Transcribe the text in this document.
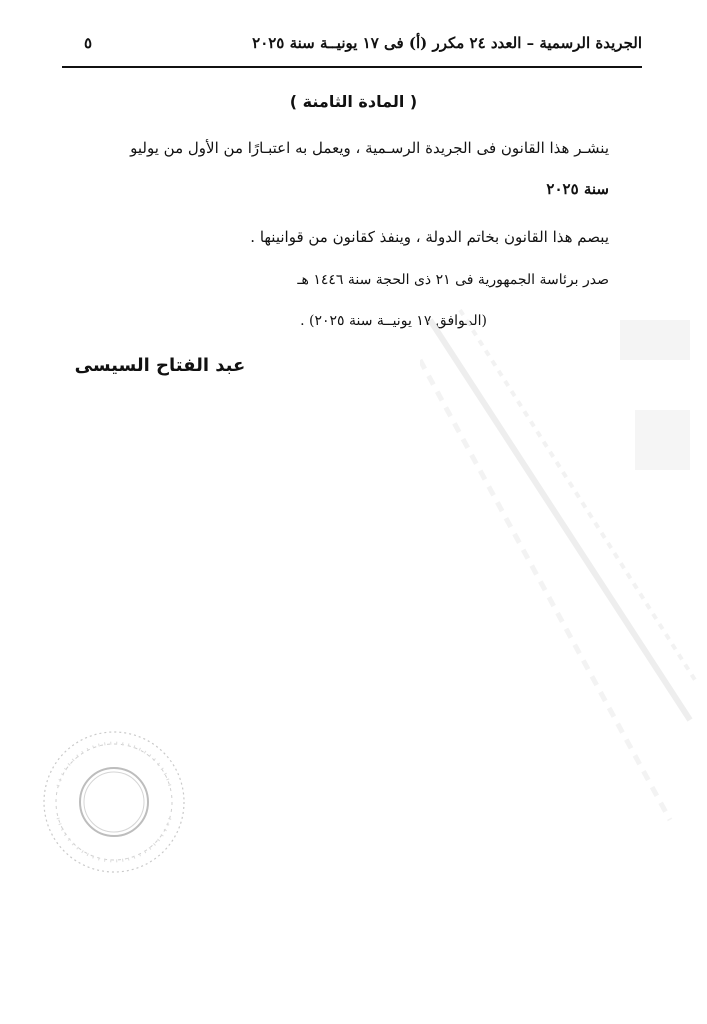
الجريدة الرسمية – العدد ٢٤ مكرر (أ) فى ١٧ يونيــة سنة ٢٠٢٥
٥
( المادة الثامنة )
ينشـر هذا القانون فى الجريدة الرسـمية ، ويعمل به اعتبـارًا من الأول من يوليو
سنة ٢٠٢٥
يبصم هذا القانون بخاتم الدولة ، وينفذ كقانون من قوانينها .
صدر برئاسة الجمهورية فى ٢١ ذى الحجة سنة ١٤٤٦ هـ
(الموافق ١٧ يونيــة سنة ٢٠٢٥) .
عبد الفتاح السيسى
